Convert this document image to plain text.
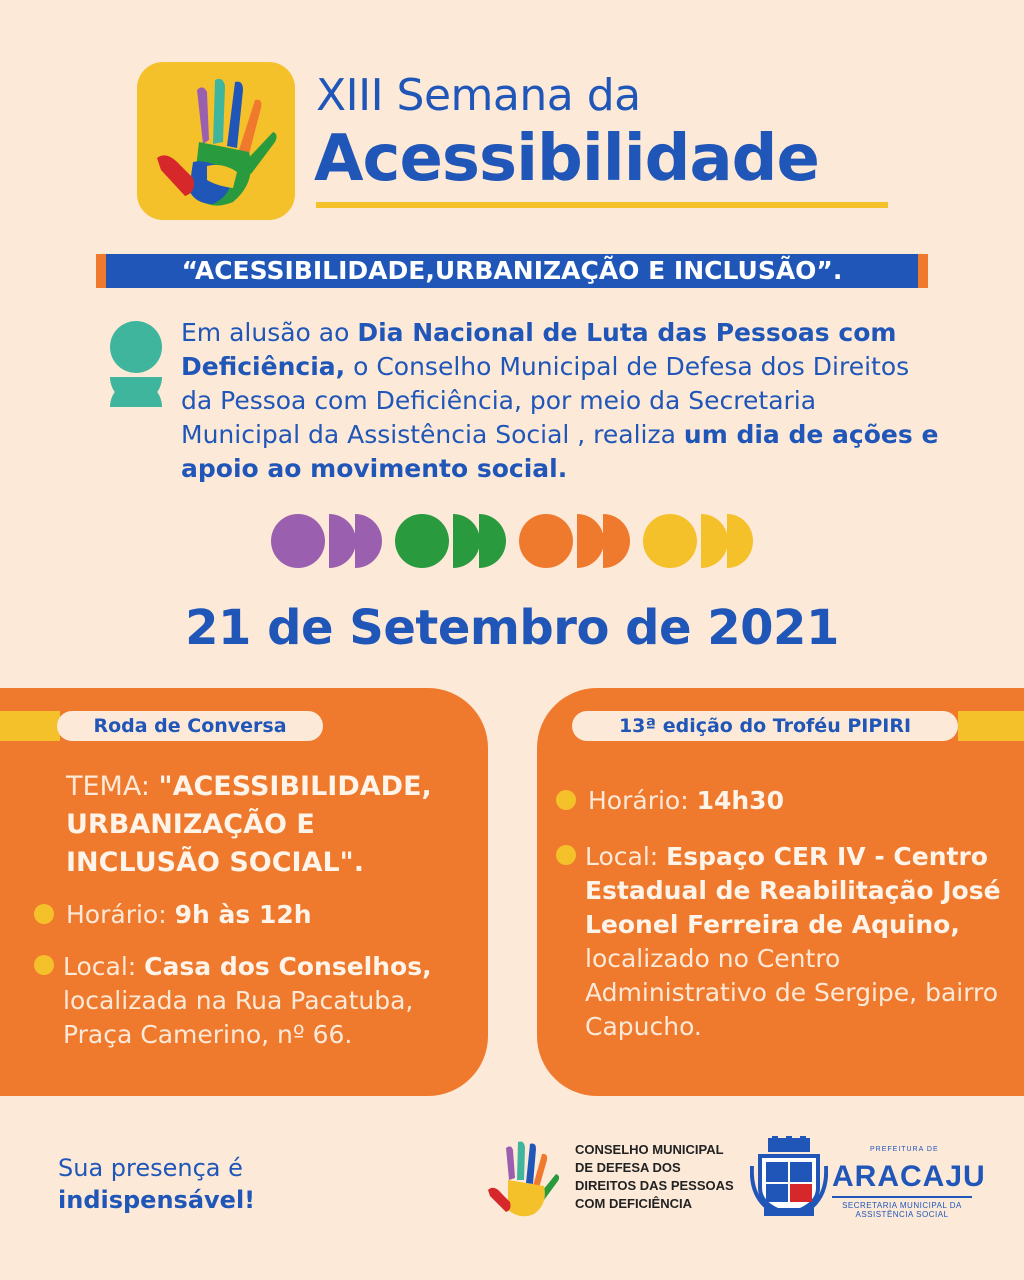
XIII Semana da
Acessibilidade
“ACESSIBILIDADE,URBANIZAÇÃO E INCLUSÃO”.
Em alusão ao Dia Nacional de Luta das Pessoas com Deficiência, o Conselho Municipal de Defesa dos Direitos da Pessoa com Deficiência, por meio da Secretaria Municipal da Assistência Social , realiza um dia de ações e apoio ao movimento social.
21 de Setembro de 2021
Roda de Conversa	13ª edição do Troféu PIPIRI
TEMA: "ACESSIBILIDADE, URBANIZAÇÃO E INCLUSÃO SOCIAL".
Horário: 9h às 12h
Local: Casa dos Conselhos, localizada na Rua Pacatuba, Praça Camerino, nº 66.
Horário: 14h30
Local: Espaço CER IV - Centro Estadual de Reabilitação José Leonel Ferreira de Aquino, localizado no Centro Administrativo de Sergipe, bairro Capucho.
Sua presença é
indispensável!
CONSELHO MUNICIPAL
DE DEFESA DOS
DIREITOS DAS PESSOAS
COM DEFICIÊNCIA
PREFEITURA DE
ARACAJU
SECRETARIA MUNICIPAL DA ASSISTÊNCIA SOCIAL
